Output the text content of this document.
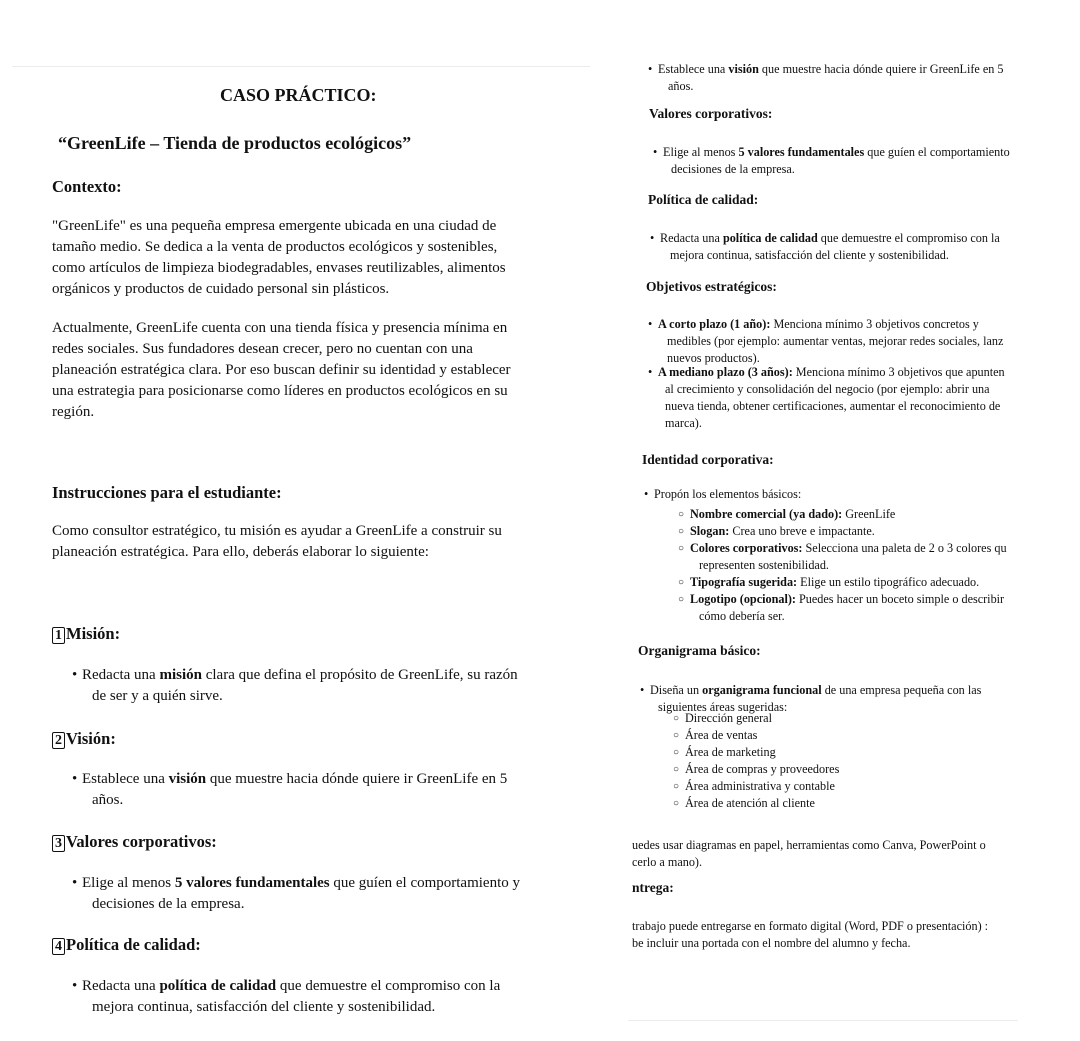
CASO PRÁCTICO:
“GreenLife – Tienda de productos ecológicos”
Contexto:
"GreenLife" es una pequeña empresa emergente ubicada en una ciudad de
tamaño medio. Se dedica a la venta de productos ecológicos y sostenibles,
como artículos de limpieza biodegradables, envases reutilizables, alimentos
orgánicos y productos de cuidado personal sin plásticos.
Actualmente, GreenLife cuenta con una tienda física y presencia mínima en
redes sociales. Sus fundadores desean crecer, pero no cuentan con una
planeación estratégica clara. Por eso buscan definir su identidad y establecer
una estrategia para posicionarse como líderes en productos ecológicos en su
región.
Instrucciones para el estudiante:
Como consultor estratégico, tu misión es ayudar a GreenLife a construir su
planeación estratégica. Para ello, deberás elaborar lo siguiente:
1 Misión:
• Redacta una misión clara que defina el propósito de GreenLife, su razón
de ser y a quién sirve.
2 Visión:
• Establece una visión que muestre hacia dónde quiere ir GreenLife en 5
años.
3 Valores corporativos:
• Elige al menos 5 valores fundamentales que guíen el comportamiento y
decisiones de la empresa.
4 Política de calidad:
• Redacta una política de calidad que demuestre el compromiso con la
mejora continua, satisfacción del cliente y sostenibilidad.
• Establece una visión que muestre hacia dónde quiere ir GreenLife en 5
años.
Valores corporativos:
• Elige al menos 5 valores fundamentales que guíen el comportamiento
decisiones de la empresa.
Política de calidad:
• Redacta una política de calidad que demuestre el compromiso con la
mejora continua, satisfacción del cliente y sostenibilidad.
Objetivos estratégicos:
• A corto plazo (1 año): Menciona mínimo 3 objetivos concretos y
medibles (por ejemplo: aumentar ventas, mejorar redes sociales, lanz
nuevos productos).
• A mediano plazo (3 años): Menciona mínimo 3 objetivos que apunten
al crecimiento y consolidación del negocio (por ejemplo: abrir una
nueva tienda, obtener certificaciones, aumentar el reconocimiento de
marca).
Identidad corporativa:
• Propón los elementos básicos:
○ Nombre comercial (ya dado): GreenLife
○ Slogan: Crea uno breve e impactante.
○ Colores corporativos: Selecciona una paleta de 2 o 3 colores qu
representen sostenibilidad.
○ Tipografía sugerida: Elige un estilo tipográfico adecuado.
○ Logotipo (opcional): Puedes hacer un boceto simple o describir
cómo debería ser.
Organigrama básico:
• Diseña un organigrama funcional de una empresa pequeña con las
siguientes áreas sugeridas:
○ Dirección general
○ Área de ventas
○ Área de marketing
○ Área de compras y proveedores
○ Área administrativa y contable
○ Área de atención al cliente
uedes usar diagramas en papel, herramientas como Canva, PowerPoint o
cerlo a mano).
ntrega:
trabajo puede entregarse en formato digital (Word, PDF o presentación) :
be incluir una portada con el nombre del alumno y fecha.
